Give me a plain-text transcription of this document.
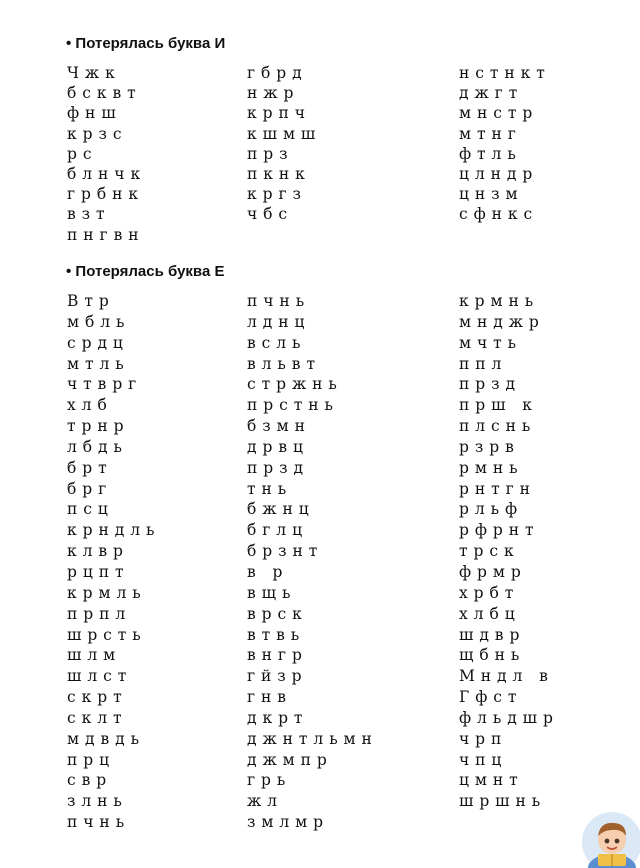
• Потерялась буква И
Ч ж к
б с к в т
ф н ш
к р з с
р с
б л н ч к
г р б н к
в з т
п н г в н
г б р д
н ж р
к р п ч
к ш м ш
п р з
п к н к
к р г з
ч б с
н с т н к т
д ж г т
м н с т р
м т н г
ф т л ь
ц л н д р
ц н з м
с ф н к с
• Потерялась буква Е
В т р
м б л ь
с р д ц
м т л ь
ч т в р г
х л б
т р н р
л б д ь
б р т
б р г
п с ц
к р н д л ь
к л в р
р ц п т
к р м л ь
п р п л
ш р с т ь
ш л м
ш л с т
с к р т
с к л т
м д в д ь
п р ц
с в р
з л н ь
п ч н ь
п ч н ь
л д н ц
в с л ь
в л ь в т
с т р ж н ь
п р с т н ь
б з м н
д р в ц
п р з д
т н ь
б ж н ц
б г л ц
б р з н т
в   р
в щ ь
в р с к
в т в ь
в н г р
г й з р
г н в
д к р т
д ж н т л ь м н
д ж м п р
г р ь
ж л
з м л м р
к р м н ь
м н д ж р
м ч т ь
п п л
п р з д
п р ш   к
п л с н ь
р з р в
р м н ь
р н т г н
р л ь ф
р ф р н т
т р с к
ф р м р
х р б т
х л б ц
ш д в р
щ б н ь
М н д л   в
Г ф с т
ф л ь д ш р
ч р п
ч п ц
ц м н т
ш р ш н ь
